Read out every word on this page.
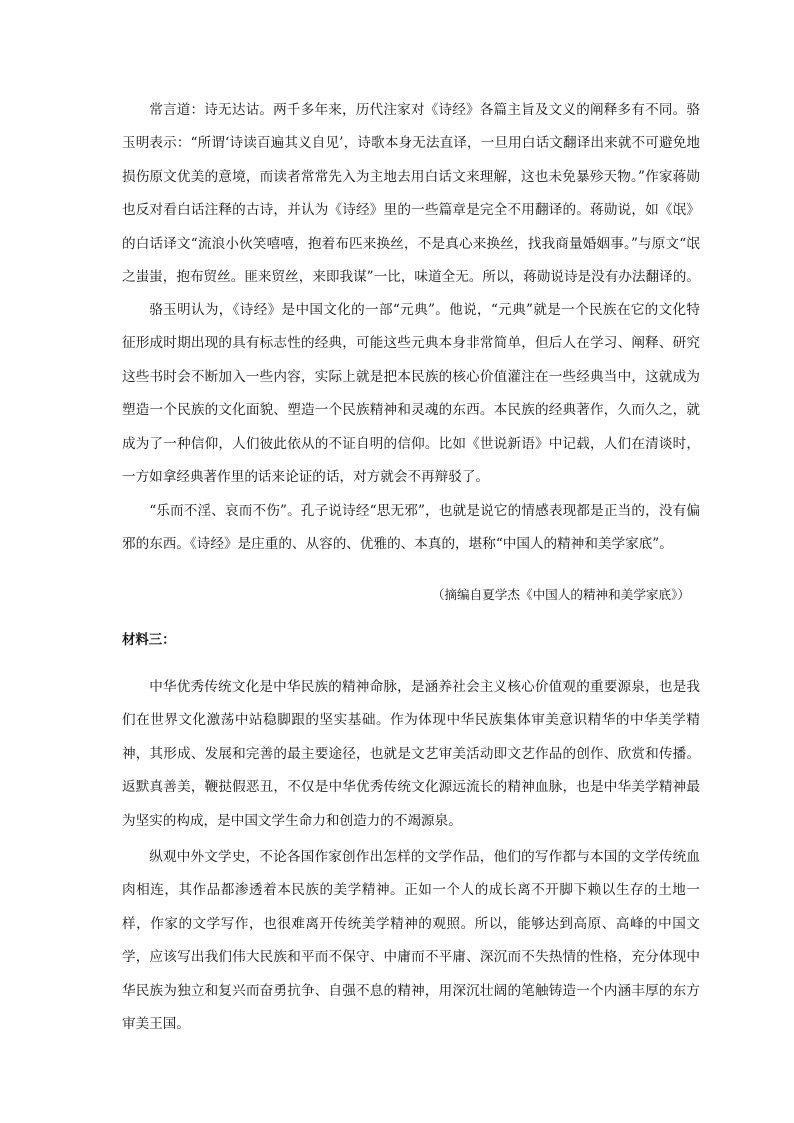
常言道：诗无达诂。两千多年来，历代注家对《诗经》各篇主旨及文义的阐释多有不同。骆玉明表示：“所谓‘诗读百遍其义自见’，诗歌本身无法直译，一旦用白话文翻译出来就不可避免地损伤原文优美的意境，而读者常常先入为主地去用白话文来理解，这也未免暴殄天物。”作家蒋勋也反对看白话注释的古诗，并认为《诗经》里的一些篇章是完全不用翻译的。蒋勋说，如《氓》的白话译文“流浪小伙笑嘻嘻，抱着布匹来换丝，不是真心来换丝，找我商量婚姻事。”与原文“氓之蚩蚩，抱布贸丝。匪来贸丝，来即我谋”一比，味道全无。所以，蒋勋说诗是没有办法翻译的。

骆玉明认为，《诗经》是中国文化的一部“元典”。他说，“元典”就是一个民族在它的文化特征形成时期出现的具有标志性的经典，可能这些元典本身非常简单，但后人在学习、阐释、研究这些书时会不断加入一些内容，实际上就是把本民族的核心价值灌注在一些经典当中，这就成为塑造一个民族的文化面貌、塑造一个民族精神和灵魂的东西。本民族的经典著作，久而久之，就成为了一种信仰，人们彼此依从的不证自明的信仰。比如《世说新语》中记载，人们在清谈时，一方如拿经典著作里的话来论证的话，对方就会不再辩驳了。

“乐而不淫、哀而不伤”。孔子说诗经“思无邪”，也就是说它的情感表现都是正当的，没有偏邪的东西。《诗经》是庄重的、从容的、优雅的、本真的，堪称“中国人的精神和美学家底”。

（摘编自夏学杰《中国人的精神和美学家底》）

材料三：

中华优秀传统文化是中华民族的精神命脉，是涵养社会主义核心价值观的重要源泉，也是我们在世界文化激荡中站稳脚跟的坚实基础。作为体现中华民族集体审美意识精华的中华美学精神，其形成、发展和完善的最主要途径，也就是文艺审美活动即文艺作品的创作、欣赏和传播。返默真善美，鞭挞假恶丑，不仅是中华优秀传统文化源远流长的精神血脉，也是中华美学精神最为坚实的构成，是中国文学生命力和创造力的不竭源泉。

纵观中外文学史，不论各国作家创作出怎样的文学作品，他们的写作都与本国的文学传统血肉相连，其作品都渗透着本民族的美学精神。正如一个人的成长离不开脚下赖以生存的土地一样，作家的文学写作，也很难离开传统美学精神的观照。所以，能够达到高原、高峰的中国文学，应该写出我们伟大民族和平而不保守、中庸而不平庸、深沉而不失热情的性格，充分体现中华民族为独立和复兴而奋勇抗争、自强不息的精神，用深沉壮阔的笔触铸造一个内涵丰厚的东方审美王国。
